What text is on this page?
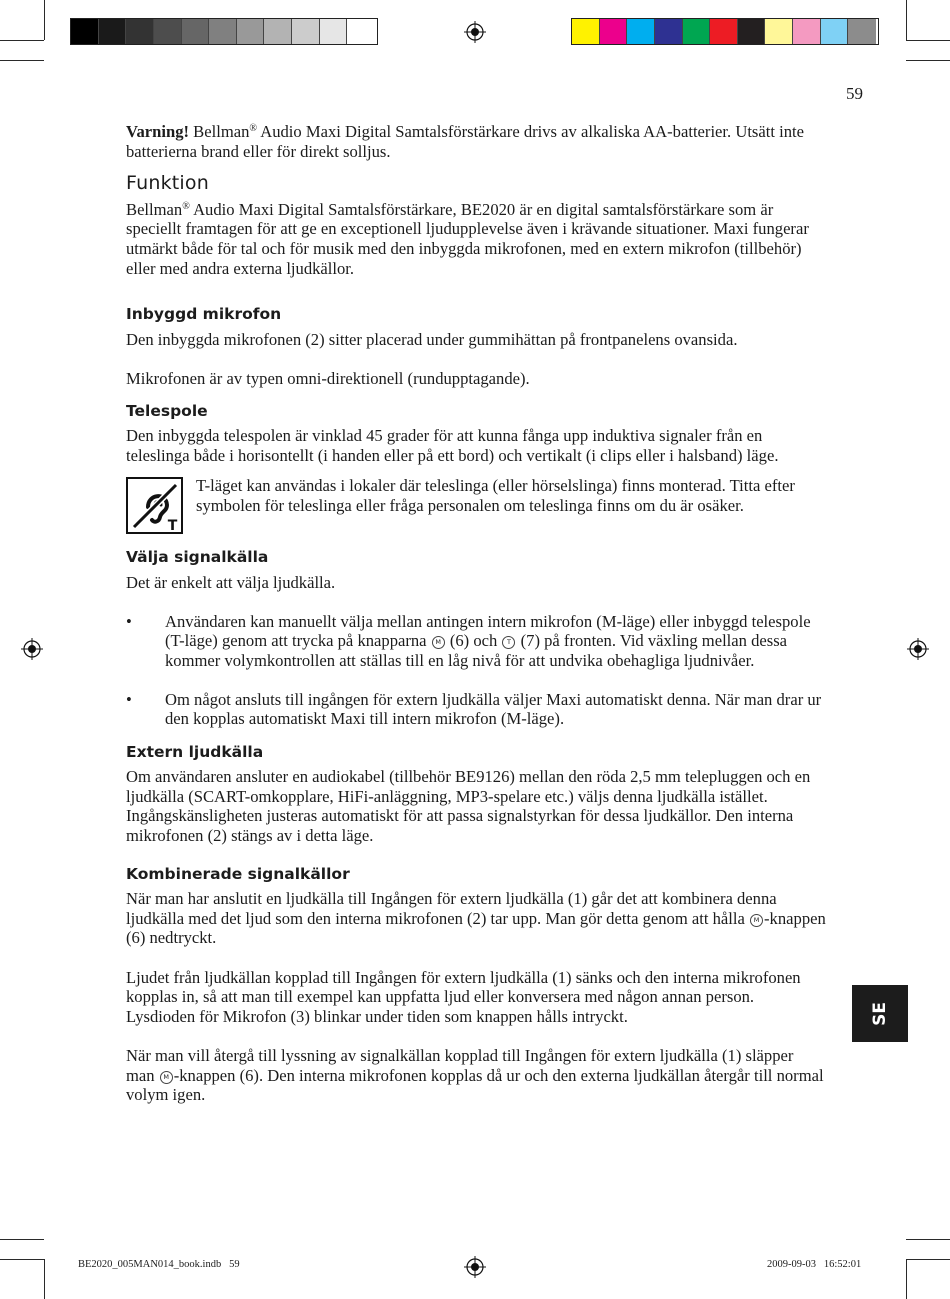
59

Varning! Bellman® Audio Maxi Digital Samtalsförstärkare drivs av alkaliska AA-batterier. Utsätt inte batterierna brand eller för direkt solljus.

Funktion

Bellman® Audio Maxi Digital Samtalsförstärkare, BE2020 är en digital samtalsförstärkare som är speciellt framtagen för att ge en exceptionell ljudupplevelse även i krävande situationer. Maxi fungerar utmärkt både för tal och för musik med den inbyggda mikrofonen, med en extern mikrofon (tillbehör) eller med andra externa ljudkällor.

Inbyggd mikrofon

Den inbyggda mikrofonen (2) sitter placerad under gummihättan på frontpanelens ovansida.

Mikrofonen är av typen omni-direktionell (rundupptagande).

Telespole

Den inbyggda telespolen är vinklad 45 grader för att kunna fånga upp induktiva signaler från en teleslinga både i horisontellt (i handen eller på ett bord) och vertikalt (i clips eller i halsband) läge.

T

T-läget kan användas i lokaler där teleslinga (eller hörselslinga) finns monterad. Titta efter symbolen för teleslinga eller fråga personalen om teleslinga finns om du är osäker.

Välja signalkälla

Det är enkelt att välja ljudkälla.

• Användaren kan manuellt välja mellan antingen intern mikrofon (M-läge) eller inbyggd telespole (T-läge) genom att trycka på knapparna M (6) och T (7) på fronten. Vid växling mellan dessa kommer volymkontrollen att ställas till en låg nivå för att undvika obehagliga ljudnivåer.
• Om något ansluts till ingången för extern ljudkälla väljer Maxi automatiskt denna. När man drar ur den kopplas automatiskt Maxi till intern mikrofon (M-läge).
Extern ljudkälla

Om användaren ansluter en audiokabel (tillbehör BE9126) mellan den röda 2,5 mm telepluggen och en ljudkälla (SCART-omkopplare, HiFi-anläggning, MP3-spelare etc.) väljs denna ljudkälla istället. Ingångskänsligheten justeras automatiskt för att passa signalstyrkan för dessa ljudkällor. Den interna mikrofonen (2) stängs av i detta läge.

Kombinerade signalkällor

När man har anslutit en ljudkälla till Ingången för extern ljudkälla (1) går det att kombinera denna ljudkälla med det ljud som den interna mikrofonen (2) tar upp. Man gör detta genom att hålla M -knappen (6) nedtryckt.

Ljudet från ljudkällan kopplad till Ingången för extern ljudkälla (1) sänks och den interna mikrofonen kopplas in, så att man till exempel kan uppfatta ljud eller konversera med någon annan person. Lysdioden för Mikrofon (3) blinkar under tiden som knappen hålls intryckt.

När man vill återgå till lyssning av signalkällan kopplad till Ingången för extern ljudkälla (1) släpper man M -knappen (6). Den interna mikrofonen kopplas då ur och den externa ljudkällan återgår till normal volym igen.

SE
BE2020_005MAN014_book.indb   59	2009-09-03   16:52:01
